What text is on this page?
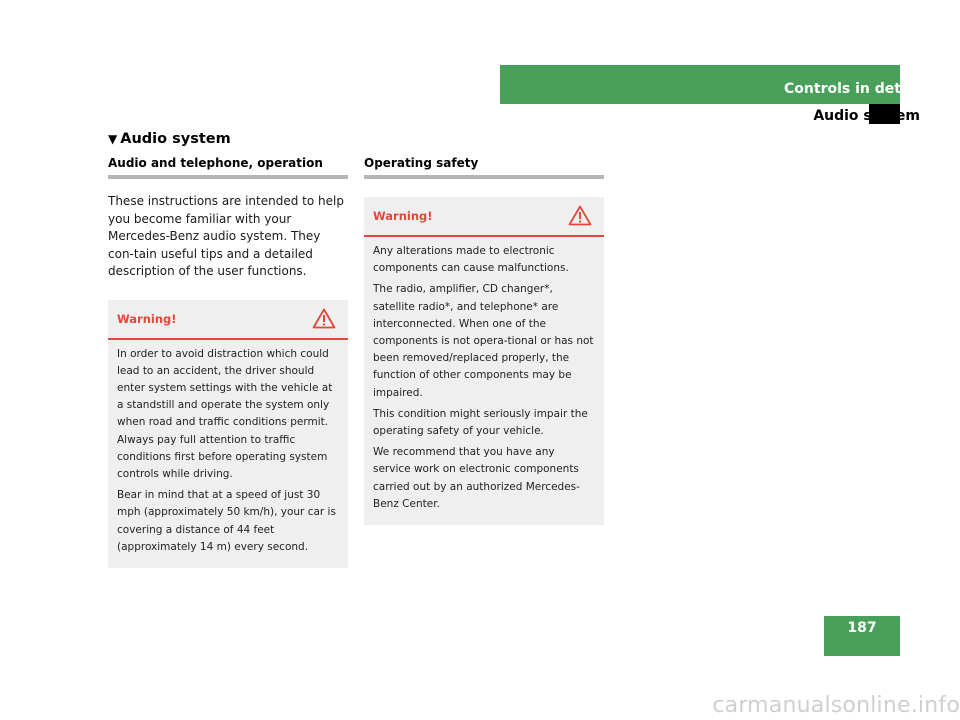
Controls in detail
Audio system
▼ Audio system
Audio and telephone, operation
These instructions are intended to help you become familiar with your Mercedes-Benz audio system. They con-tain useful tips and a detailed description of the user functions.
Warning!

In order to avoid distraction which could lead to an accident, the driver should enter system settings with the vehicle at a standstill and operate the system only when road and traffic conditions permit. Always pay full attention to traffic conditions first before operating system controls while driving.

Bear in mind that at a speed of just 30 mph (approximately 50 km/h), your car is covering a distance of 44 feet (approximately 14 m) every second.

Operating safety
Warning!

Any alterations made to electronic components can cause malfunctions.

The radio, amplifier, CD changer*, satellite radio*, and telephone* are interconnected. When one of the components is not opera-tional or has not been removed/replaced properly, the function of other components may be impaired.

This condition might seriously impair the operating safety of your vehicle.

We recommend that you have any service work on electronic components carried out by an authorized Mercedes-Benz Center.

187
carmanualsonline.info
